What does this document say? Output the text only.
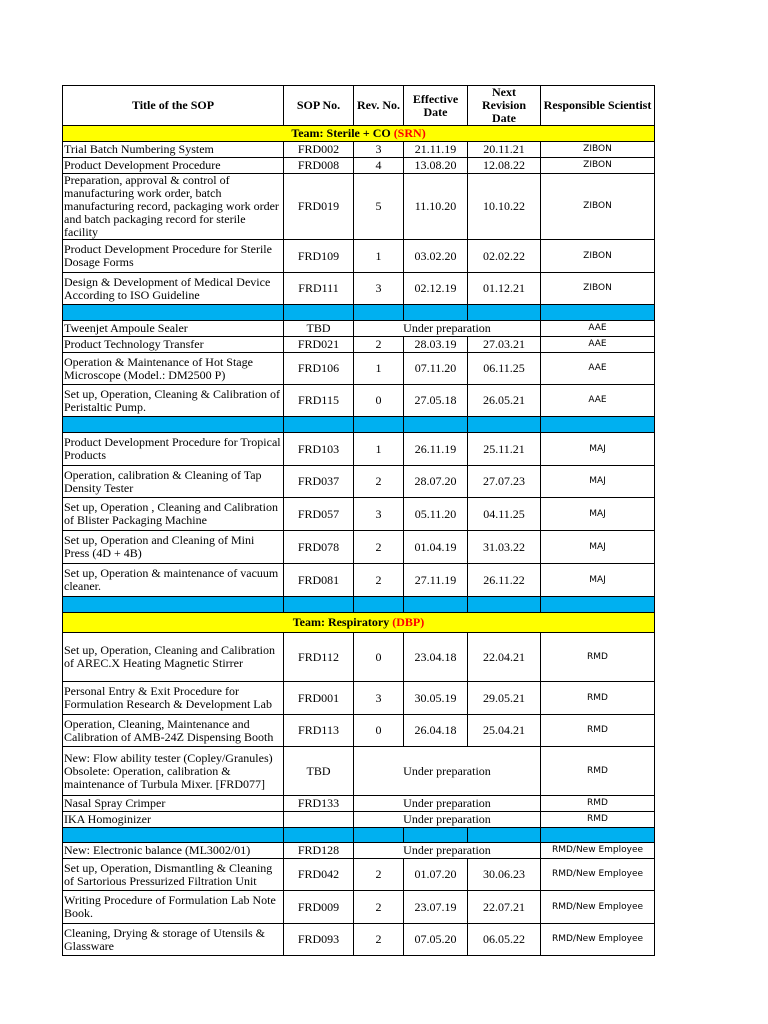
Title of the SOP	SOP No.	Rev. No.	Effective Date	Next Revision Date	Responsible Scientist
Team: Sterile + CO (SRN)					
Trial Batch Numbering System	FRD002	3	21.11.19	20.11.21	ZIBON
Product Development Procedure	FRD008	4	13.08.20	12.08.22	ZIBON
Preparation, approval & control of manufacturing work order, batch manufacturing record, packaging work order and batch packaging record for sterile facility	FRD019	5	11.10.20	10.10.22	ZIBON
Product Development Procedure for Sterile Dosage Forms	FRD109	1	03.02.20	02.02.22	ZIBON
Design & Development of Medical Device According to ISO Guideline	FRD111	3	02.12.19	01.12.21	ZIBON

Tweenjet Ampoule Sealer	TBD	Under preparation			AAE
Product Technology Transfer	FRD021	2	28.03.19	27.03.21	AAE
Operation & Maintenance of Hot Stage Microscope (Model.: DM2500 P)	FRD106	1	07.11.20	06.11.25	AAE
Set up, Operation, Cleaning & Calibration of Peristaltic Pump.	FRD115	0	27.05.18	26.05.21	AAE

Product Development Procedure for Tropical Products	FRD103	1	26.11.19	25.11.21	MAJ
Operation, calibration & Cleaning of Tap Density Tester	FRD037	2	28.07.20	27.07.23	MAJ
Set up, Operation , Cleaning and Calibration of Blister Packaging Machine	FRD057	3	05.11.20	04.11.25	MAJ
Set up, Operation and Cleaning of Mini Press (4D + 4B)	FRD078	2	01.04.19	31.03.22	MAJ
Set up, Operation & maintenance of vacuum cleaner.	FRD081	2	27.11.19	26.11.22	MAJ

Team: Respiratory (DBP)					
Set up, Operation, Cleaning and Calibration of AREC.X Heating Magnetic Stirrer	FRD112	0	23.04.18	22.04.21	RMD
Personal Entry & Exit Procedure for Formulation Research & Development Lab	FRD001	3	30.05.19	29.05.21	RMD
Operation, Cleaning, Maintenance and Calibration of AMB-24Z Dispensing Booth	FRD113	0	26.04.18	25.04.21	RMD
New: Flow ability tester (Copley/Granules) Obsolete: Operation, calibration & maintenance of Turbula Mixer. [FRD077]	TBD	Under preparation			RMD
Nasal Spray Crimper	FRD133	Under preparation			RMD
IKA Homoginizer		Under preparation			RMD

New: Electronic balance (ML3002/01)	FRD128	Under preparation			RMD/New Employee
Set up, Operation, Dismantling & Cleaning of Sartorious Pressurized Filtration Unit	FRD042	2	01.07.20	30.06.23	RMD/New Employee
Writing Procedure of Formulation Lab Note Book.	FRD009	2	23.07.19	22.07.21	RMD/New Employee
Cleaning, Drying & storage of Utensils & Glassware	FRD093	2	07.05.20	06.05.22	RMD/New Employee
